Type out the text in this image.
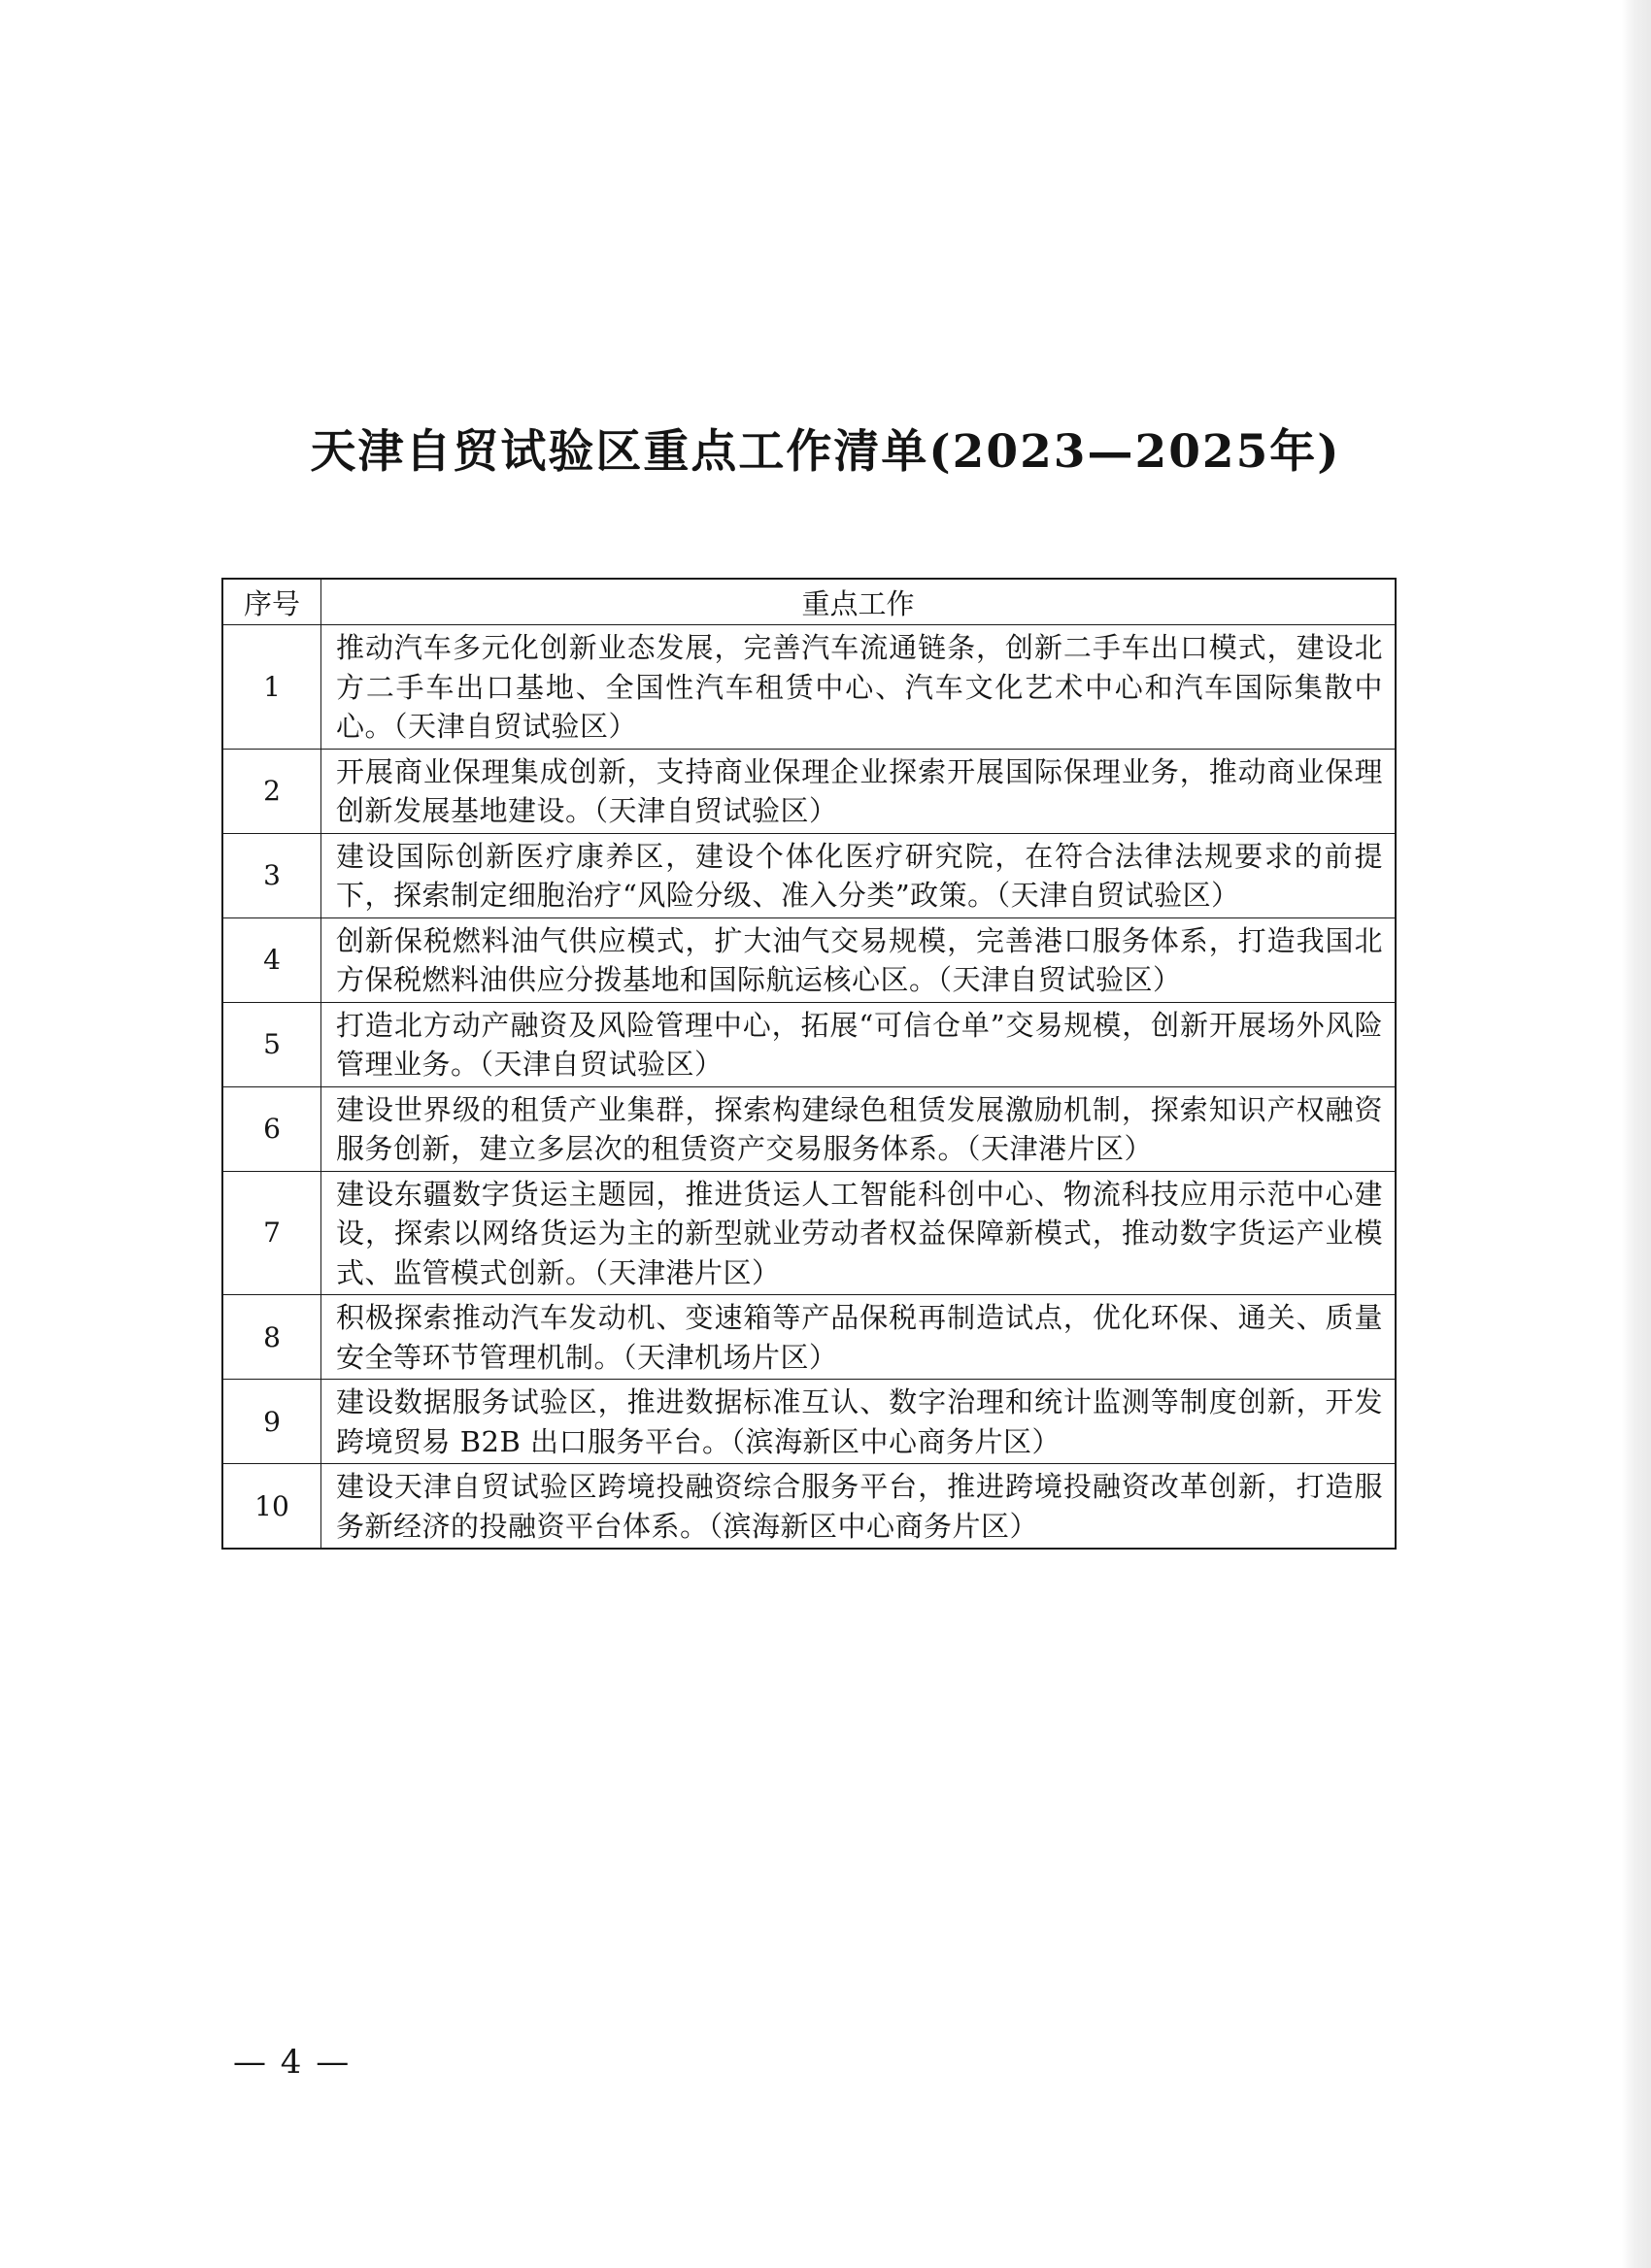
天津自贸试验区重点工作清单(2023—2025年)
序号	重点工作
1	推动汽车多元化创新业态发展，完善汽车流通链条，创新二手车出口模式，建设北方二手车出口基地、全国性汽车租赁中心、汽车文化艺术中心和汽车国际集散中心。（天津自贸试验区）
2	开展商业保理集成创新，支持商业保理企业探索开展国际保理业务，推动商业保理创新发展基地建设。（天津自贸试验区）
3	建设国际创新医疗康养区，建设个体化医疗研究院，在符合法律法规要求的前提下，探索制定细胞治疗“风险分级、准入分类”政策。（天津自贸试验区）
4	创新保税燃料油气供应模式，扩大油气交易规模，完善港口服务体系，打造我国北方保税燃料油供应分拨基地和国际航运核心区。（天津自贸试验区）
5	打造北方动产融资及风险管理中心，拓展“可信仓单”交易规模，创新开展场外风险管理业务。（天津自贸试验区）
6	建设世界级的租赁产业集群，探索构建绿色租赁发展激励机制，探索知识产权融资服务创新，建立多层次的租赁资产交易服务体系。（天津港片区）
7	建设东疆数字货运主题园，推进货运人工智能科创中心、物流科技应用示范中心建设，探索以网络货运为主的新型就业劳动者权益保障新模式，推动数字货运产业模式、监管模式创新。（天津港片区）
8	积极探索推动汽车发动机、变速箱等产品保税再制造试点，优化环保、通关、质量安全等环节管理机制。（天津机场片区）
9	建设数据服务试验区，推进数据标准互认、数字治理和统计监测等制度创新，开发跨境贸易 B2B 出口服务平台。（滨海新区中心商务片区）
10	建设天津自贸试验区跨境投融资综合服务平台，推进跨境投融资改革创新，打造服务新经济的投融资平台体系。（滨海新区中心商务片区）
— 4 —
